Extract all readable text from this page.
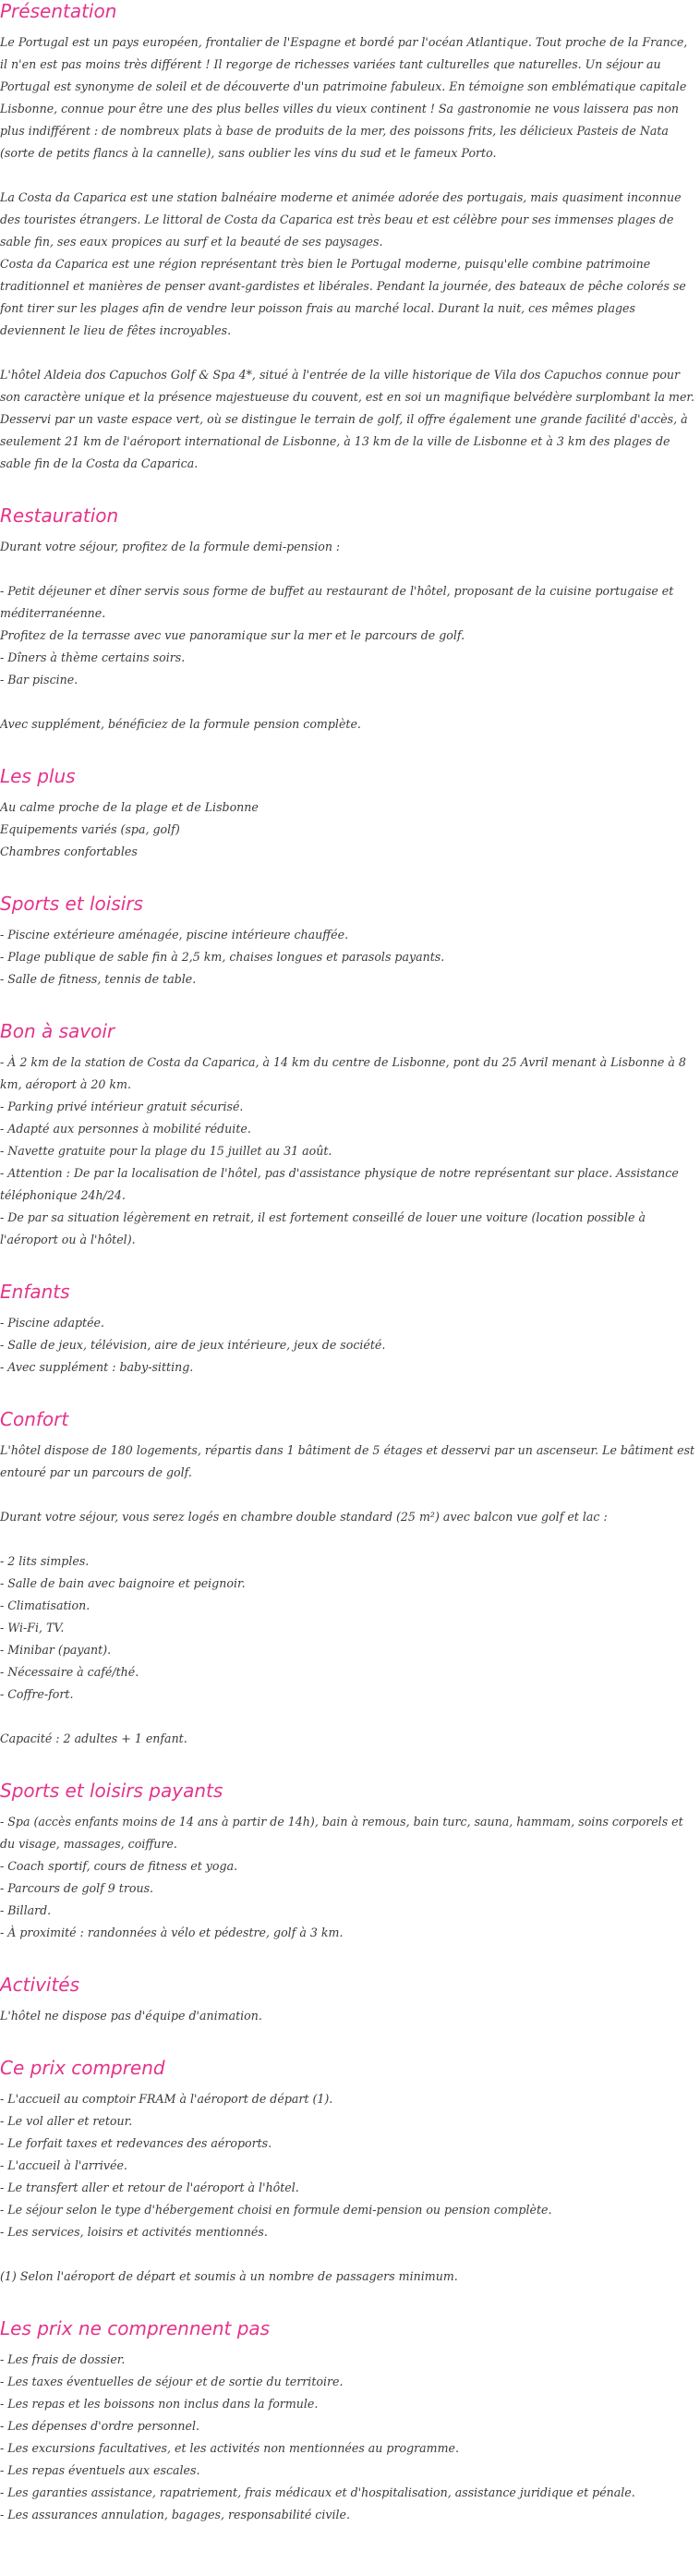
Présentation
Le Portugal est un pays européen, frontalier de l'Espagne et bordé par l'océan Atlantique. Tout proche de la France, il n'en est pas moins très différent ! Il regorge de richesses variées tant culturelles que naturelles. Un séjour au Portugal est synonyme de soleil et de découverte d'un patrimoine fabuleux. En témoigne son emblématique capitale Lisbonne, connue pour être une des plus belles villes du vieux continent ! Sa gastronomie ne vous laissera pas non plus indifférent : de nombreux plats à base de produits de la mer, des poissons frits, les délicieux Pasteis de Nata (sorte de petits flancs à la cannelle), sans oublier les vins du sud et le fameux Porto.
La Costa da Caparica est une station balnéaire moderne et animée adorée des portugais, mais quasiment inconnue des touristes étrangers. Le littoral de Costa da Caparica est très beau et est célèbre pour ses immenses plages de sable fin, ses eaux propices au surf et la beauté de ses paysages.
Costa da Caparica est une région représentant très bien le Portugal moderne, puisqu'elle combine patrimoine traditionnel et manières de penser avant-gardistes et libérales. Pendant la journée, des bateaux de pêche colorés se font tirer sur les plages afin de vendre leur poisson frais au marché local. Durant la nuit, ces mêmes plages deviennent le lieu de fêtes incroyables.
L'hôtel Aldeia dos Capuchos Golf & Spa 4*, situé à l'entrée de la ville historique de Vila dos Capuchos connue pour son caractère unique et la présence majestueuse du couvent, est en soi un magnifique belvédère surplombant la mer. Desservi par un vaste espace vert, où se distingue le terrain de golf, il offre également une grande facilité d'accès, à seulement 21 km de l'aéroport international de Lisbonne, à 13 km de la ville de Lisbonne et à 3 km des plages de sable fin de la Costa da Caparica.
Restauration
Durant votre séjour, profitez de la formule demi-pension :
- Petit déjeuner et dîner servis sous forme de buffet au restaurant de l'hôtel, proposant de la cuisine portugaise et méditerranéenne.
Profitez de la terrasse avec vue panoramique sur la mer et le parcours de golf.
- Dîners à thème certains soirs.
- Bar piscine.
Avec supplément, bénéficiez de la formule pension complète.
Les plus
Au calme proche de la plage et de Lisbonne
Equipements variés (spa, golf)
Chambres confortables
Sports et loisirs
- Piscine extérieure aménagée, piscine intérieure chauffée.
- Plage publique de sable fin à 2,5 km, chaises longues et parasols payants.
- Salle de fitness, tennis de table.
Bon à savoir
- À 2 km de la station de Costa da Caparica, à 14 km du centre de Lisbonne, pont du 25 Avril menant à Lisbonne à 8 km, aéroport à 20 km.
- Parking privé intérieur gratuit sécurisé.
- Adapté aux personnes à mobilité réduite.
- Navette gratuite pour la plage du 15 juillet au 31 août.
- Attention : De par la localisation de l'hôtel, pas d'assistance physique de notre représentant sur place. Assistance téléphonique 24h/24.
- De par sa situation légèrement en retrait, il est fortement conseillé de louer une voiture (location possible à l'aéroport ou à l'hôtel).
Enfants
- Piscine adaptée.
- Salle de jeux, télévision, aire de jeux intérieure, jeux de société.
- Avec supplément : baby-sitting.
Confort
L'hôtel dispose de 180 logements, répartis dans 1 bâtiment de 5 étages et desservi par un ascenseur. Le bâtiment est entouré par un parcours de golf.
Durant votre séjour, vous serez logés en chambre double standard (25 m²) avec balcon vue golf et lac :
- 2 lits simples.
- Salle de bain avec baignoire et peignoir.
- Climatisation.
- Wi-Fi, TV.
- Minibar (payant).
- Nécessaire à café/thé.
- Coffre-fort.
Capacité : 2 adultes + 1 enfant.
Sports et loisirs payants
- Spa (accès enfants moins de 14 ans à partir de 14h), bain à remous, bain turc, sauna, hammam, soins corporels et du visage, massages, coiffure.
- Coach sportif, cours de fitness et yoga.
- Parcours de golf 9 trous.
- Billard.
- À proximité : randonnées à vélo et pédestre, golf à 3 km.
Activités
L'hôtel ne dispose pas d'équipe d'animation.
Ce prix comprend
- L'accueil au comptoir FRAM à l'aéroport de départ (1).
- Le vol aller et retour.
- Le forfait taxes et redevances des aéroports.
- L'accueil à l'arrivée.
- Le transfert aller et retour de l'aéroport à l'hôtel.
- Le séjour selon le type d'hébergement choisi en formule demi-pension ou pension complète.
- Les services, loisirs et activités mentionnés.
(1) Selon l'aéroport de départ et soumis à un nombre de passagers minimum.
Les prix ne comprennent pas
- Les frais de dossier.
- Les taxes éventuelles de séjour et de sortie du territoire.
- Les repas et les boissons non inclus dans la formule.
- Les dépenses d'ordre personnel.
- Les excursions facultatives, et les activités non mentionnées au programme.
- Les repas éventuels aux escales.
- Les garanties assistance, rapatriement, frais médicaux et d'hospitalisation, assistance juridique et pénale.
- Les assurances annulation, bagages, responsabilité civile.
